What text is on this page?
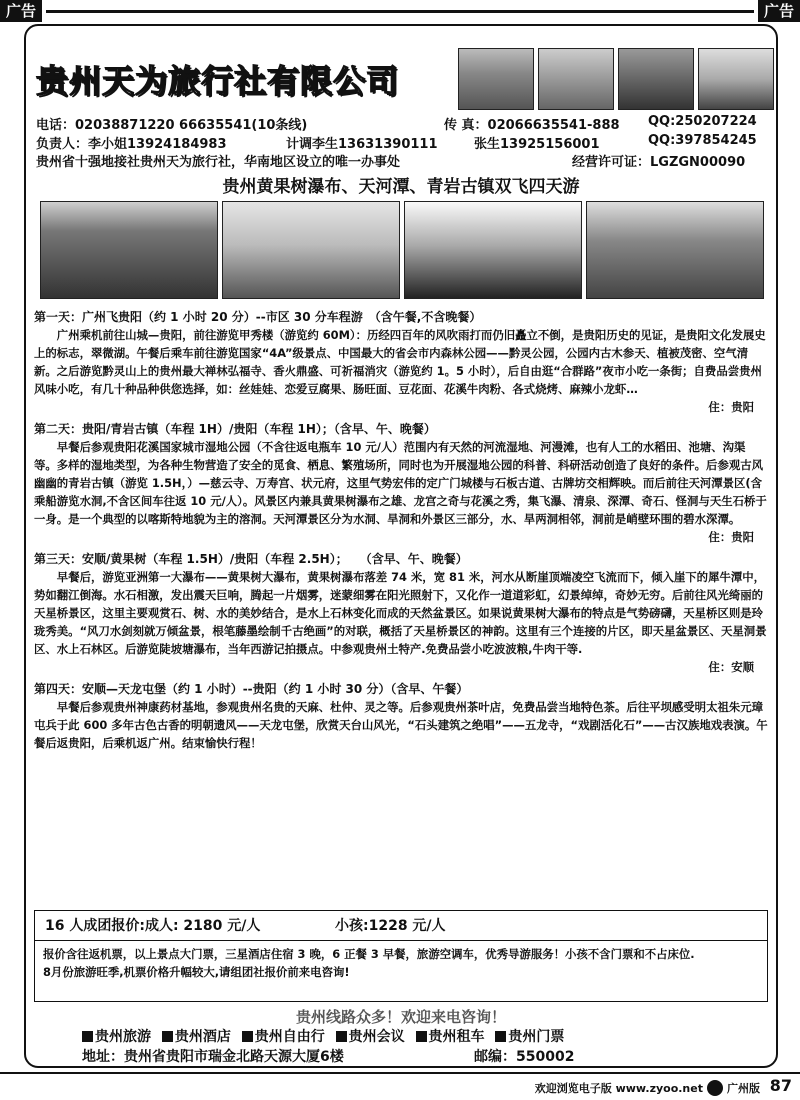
广告	广告
贵州天为旅行社有限公司
电话：02038871220 66635541(10条线)	传 真：02066635541-888 QQ:250207224
负责人：李小姐13924184983	计调李生13631390111	张生13925156001	QQ:397854245
贵州省十强地接社贵州天为旅行社，华南地区设立的唯一办事处	经营许可证：LGZGN00090
贵州黄果树瀑布、天河潭、青岩古镇双飞四天游
第一天：广州飞贵阳（约 1 小时 20 分）--市区 30 分车程游　（含午餐,不含晚餐）
广州乘机前往山城—贵阳，前往游览甲秀楼（游览约 60M）：历经四百年的风吹雨打而仍旧矗立不倒，是贵阳历史的见证，是贵阳文化发展史上的标志，翠微湖。午餐后乘车前往游览国家“4A”级景点、中国最大的省会市内森林公园——黔灵公园，公园内古木参天、植被茂密、空气清新。之后游览黔灵山上的贵州最大禅林弘福寺、香火鼎盛、可祈福消灾（游览约 1。5 小时），后自由逛“合群路”夜市小吃一条街；自费品尝贵州风味小吃，有几十种品种供您选择，如：丝娃娃、恋爱豆腐果、肠旺面、豆花面、花溪牛肉粉、各式烧烤、麻辣小龙虾…
住：贵阳
第二天：贵阳/青岩古镇（车程 1H）/贵阳（车程 1H）；（含早、午、晚餐）
早餐后参观贵阳花溪国家城市湿地公园（不含往返电瓶车 10 元/人）范围内有天然的河流湿地、河漫滩，也有人工的水稻田、池塘、沟渠等。多样的湿地类型，为各种生物营造了安全的觅食、栖息、繁殖场所，同时也为开展湿地公园的科普、科研活动创造了良好的条件。后参观古风幽幽的青岩古镇（游览 1.5H，）—慈云寺、万寿宫、状元府，这里气势宏伟的定广门城楼与石板古道、古牌坊交相辉映。而后前往天河潭景区(含乘船游览水洞,不含区间车往返 10 元/人）。风景区内兼具黄果树瀑布之雄、龙宫之奇与花溪之秀，集飞瀑、清泉、深潭、奇石、怪洞与天生石桥于一身。是一个典型的以喀斯特地貌为主的溶洞。天河潭景区分为水洞、旱洞和外景区三部分，水、旱两洞相邻，洞前是峭壁环围的碧水深潭。
住：贵阳
第三天：安顺/黄果树（车程 1.5H）/贵阳（车程 2.5H）；　　（含早、午、晚餐）
早餐后，游览亚洲第一大瀑布——黄果树大瀑布，黄果树瀑布落差 74 米，宽 81 米，河水从断崖顶端凌空飞流而下，倾入崖下的犀牛潭中，势如翻江倒海。水石相激，发出震天巨响，腾起一片烟雾，迷蒙细雾在阳光照射下，又化作一道道彩虹，幻景绰绰，奇妙无穷。后前往风光绮丽的天星桥景区，这里主要观赏石、树、水的美妙结合，是水上石林变化而成的天然盆景区。如果说黄果树大瀑布的特点是气势磅礴，天星桥区则是玲珑秀美。“风刀水剑刻就万倾盆景，根笔藤墨绘制千古绝画”的对联，概括了天星桥景区的神韵。这里有三个连接的片区，即天星盆景区、天星洞景区、水上石林区。后游览陡坡塘瀑布，当年西游记拍摄点。中参观贵州土特产.免费品尝小吃波波粮,牛肉干等.
住：安顺
第四天：安顺—天龙屯堡（约 1 小时）--贵阳（约 1 小时 30 分）（含早、午餐）
早餐后参观贵州神康药材基地，参观贵州名贵的天麻、杜仲、灵之等。后参观贵州茶叶店，免费品尝当地特色茶。后往平坝感受明太祖朱元璋屯兵于此 600 多年古色古香的明朝遗风——天龙屯堡，欣赏天台山风光，“石头建筑之绝唱”——五龙寺，“戏剧活化石”——古汉族地戏表演。午餐后返贵阳，后乘机返广州。结束愉快行程！
16 人成团报价:成人: 2180 元/人	小孩:1228 元/人
报价含往返机票，以上景点大门票，三星酒店住宿 3 晚，6 正餐 3 早餐，旅游空调车，优秀导游服务！小孩不含门票和不占床位.
8月份旅游旺季,机票价格升幅较大,请组团社报价前来电咨询!
贵州线路众多！欢迎来电咨询！
贵州旅游 贵州酒店 贵州自由行 贵州会议 贵州租车 贵州门票
地址：贵州省贵阳市瑞金北路天源大厦6楼	邮编：550002
欢迎浏览电子版 www.zyoo.net 广州版 87
